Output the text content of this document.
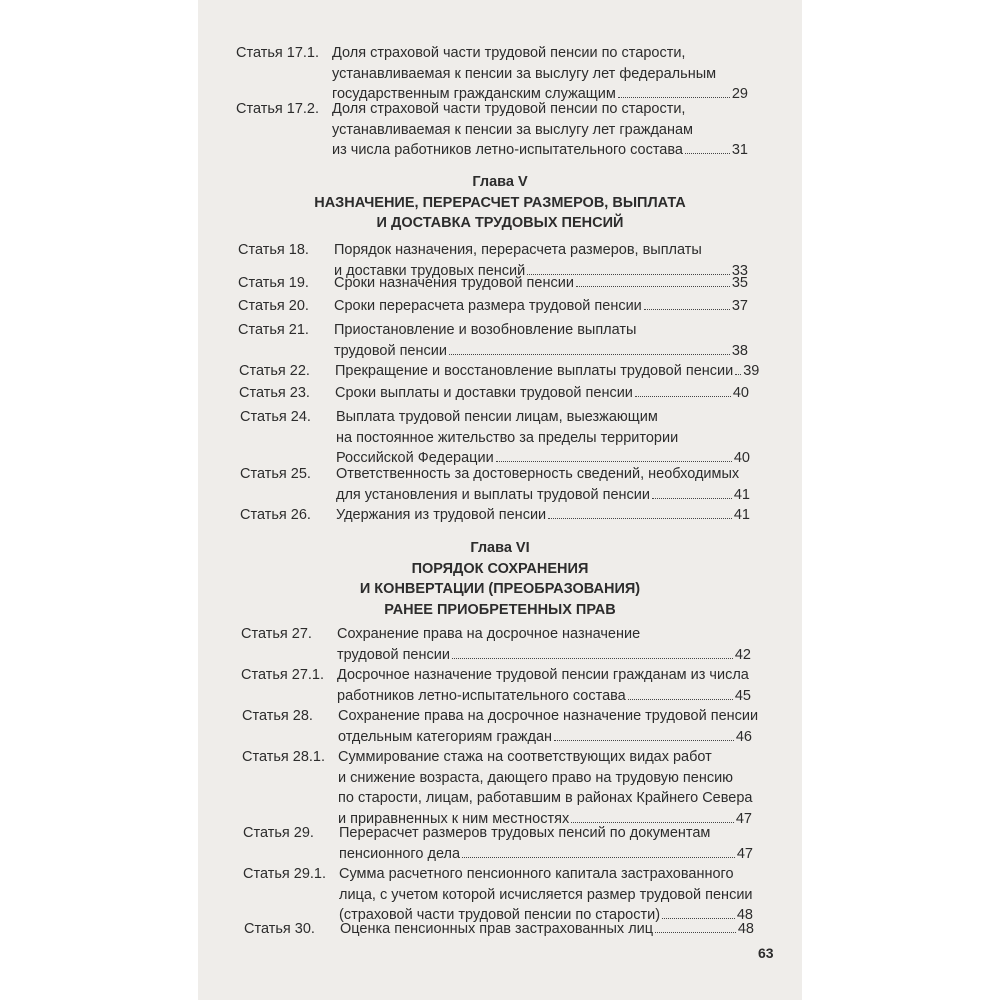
Статья 17.1. Доля страховой части трудовой пенсии по старости,
устанавливаемая к пенсии за выслугу лет федеральным
государственным гражданским служащим	29
Статья 17.2. Доля страховой части трудовой пенсии по старости,
устанавливаемая к пенсии за выслугу лет гражданам
из числа работников летно-испытательного состава	31
Статья 18.	Порядок назначения, перерасчета размеров, выплаты
и доставки трудовых пенсий	33
Статья 19.	Сроки назначения трудовой пенсии	35
Статья 20.	Сроки перерасчета размера трудовой пенсии	37
Статья 21.	Приостановление и возобновление выплаты
трудовой пенсии	38
Статья 22.	Прекращение и восстановление выплаты трудовой пенсии 39
Статья 23.	Сроки выплаты и доставки трудовой пенсии	40
Статья 24.	Выплата трудовой пенсии лицам, выезжающим
на постоянное жительство за пределы территории
Российской Федерации	40
Статья 25.	Ответственность за достоверность сведений, необходимых
для установления и выплаты трудовой пенсии	41
Статья 26.	Удержания из трудовой пенсии	41
Статья 27.	Сохранение права на досрочное назначение
трудовой пенсии	42
Статья 27.1. Досрочное назначение трудовой пенсии гражданам из числа
работников летно-испытательного состава	45
Статья 28.	Сохранение права на досрочное назначение трудовой пенсии
отдельным категориям граждан	46
Статья 28.1. Суммирование стажа на соответствующих видах работ
и снижение возраста, дающего право на трудовую пенсию
по старости, лицам, работавшим в районах Крайнего Севера
и приравненных к ним местностях	47
Статья 29.	Перерасчет размеров трудовых пенсий по документам
пенсионного дела	47
Статья 29.1. Сумма расчетного пенсионного капитала застрахованного
лица, с учетом которой исчисляется размер трудовой пенсии
(страховой части трудовой пенсии по старости)	48
Статья 30.	Оценка пенсионных прав застрахованных лиц	48
Глава V
НАЗНАЧЕНИЕ, ПЕРЕРАСЧЕТ РАЗМЕРОВ, ВЫПЛАТА
И ДОСТАВКА ТРУДОВЫХ ПЕНСИЙ
Глава VI
ПОРЯДОК СОХРАНЕНИЯ
И КОНВЕРТАЦИИ (ПРЕОБРАЗОВАНИЯ)
РАНЕЕ ПРИОБРЕТЕННЫХ ПРАВ
63
